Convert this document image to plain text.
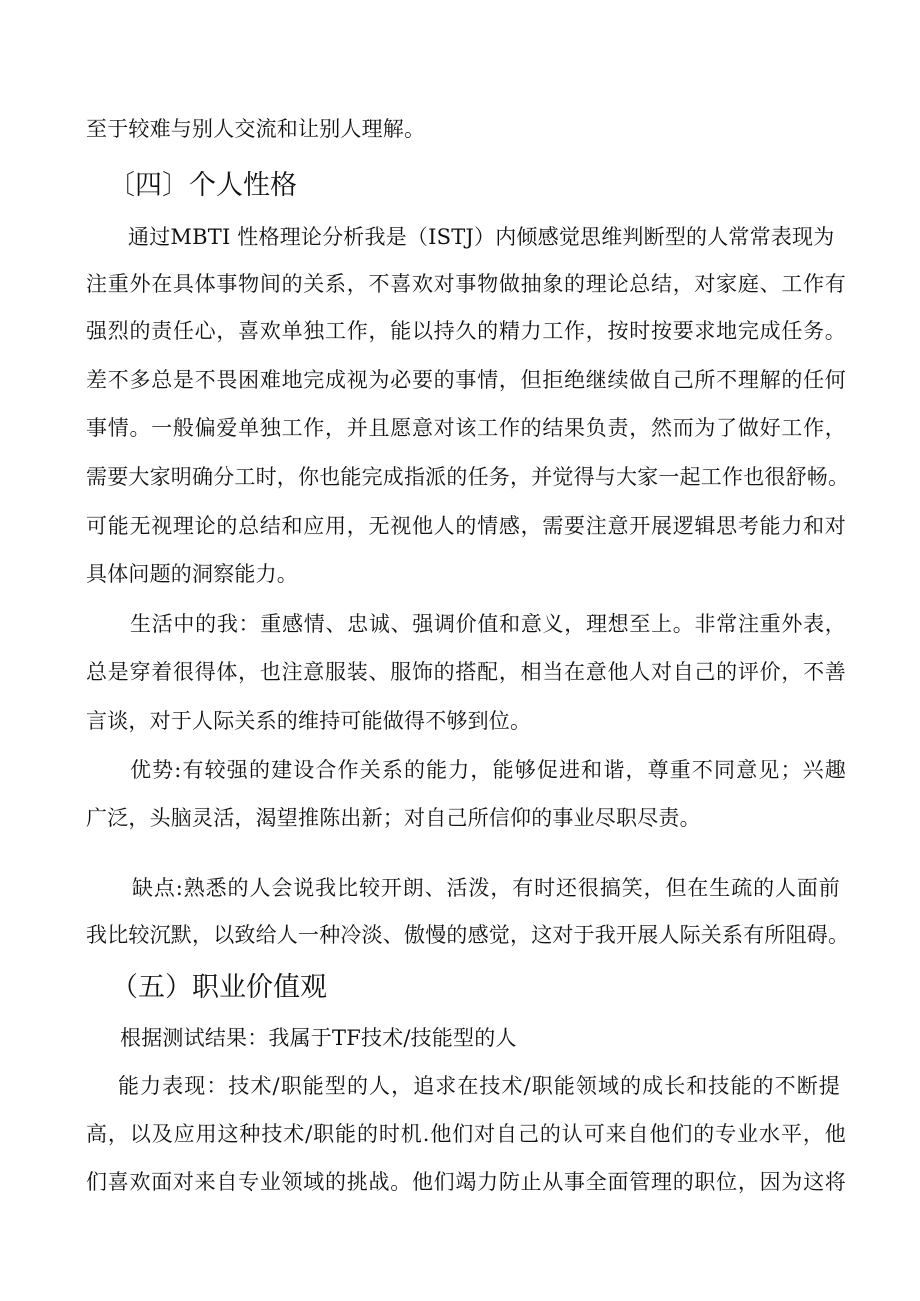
至于较难与别人交流和让别人理解。
〔四〕个人性格
通过MBTI 性格理论分析我是（ISTJ）内倾感觉思维判断型的人常常表现为
注重外在具体事物间的关系，不喜欢对事物做抽象的理论总结，对家庭、工作有
强烈的责任心，喜欢单独工作，能以持久的精力工作，按时按要求地完成任务。
差不多总是不畏困难地完成视为必要的事情，但拒绝继续做自己所不理解的任何
事情。一般偏爱单独工作，并且愿意对该工作的结果负责，然而为了做好工作，
需要大家明确分工时，你也能完成指派的任务，并觉得与大家一起工作也很舒畅。
可能无视理论的总结和应用，无视他人的情感，需要注意开展逻辑思考能力和对
具体问题的洞察能力。
生活中的我：重感情、忠诚、强调价值和意义，理想至上。非常注重外表，
总是穿着很得体，也注意服装、服饰的搭配，相当在意他人对自己的评价，不善
言谈，对于人际关系的维持可能做得不够到位。
优势:有较强的建设合作关系的能力，能够促进和谐，尊重不同意见；兴趣
广泛，头脑灵活，渴望推陈出新；对自己所信仰的事业尽职尽责。
缺点:熟悉的人会说我比较开朗、活泼，有时还很搞笑，但在生疏的人面前
我比较沉默，以致给人一种冷淡、傲慢的感觉，这对于我开展人际关系有所阻碍。
（五）职业价值观
根据测试结果：我属于TF技术/技能型的人
能力表现：技术/职能型的人，追求在技术/职能领域的成长和技能的不断提
高，以及应用这种技术/职能的时机.他们对自己的认可来自他们的专业水平，他
们喜欢面对来自专业领域的挑战。他们竭力防止从事全面管理的职位，因为这将
